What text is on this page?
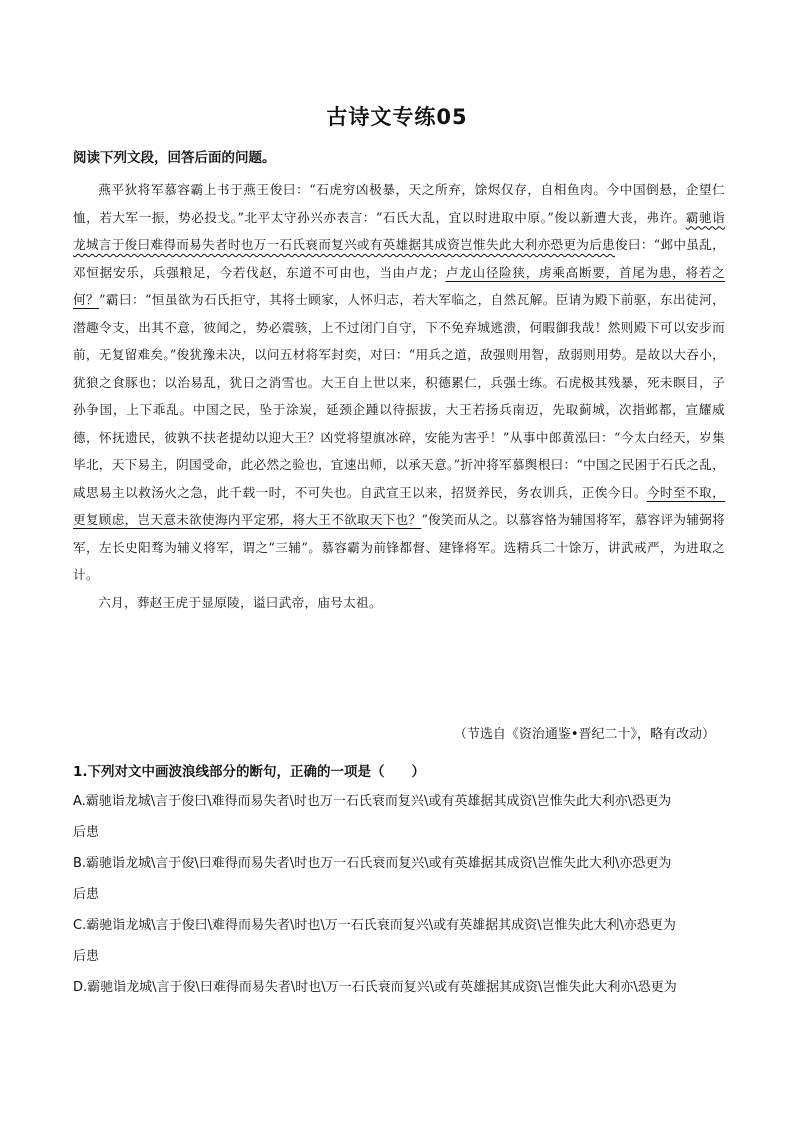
古诗文专练05
阅读下列文段，回答后面的问题。

燕平狄将军慕容霸上书于燕王俊曰：“石虎穷凶极暴，天之所弃，馀烬仅存，自相鱼肉。今中国倒悬，企望仁恤，若大军一振，势必投戈。”北平太守孙兴亦表言：“石氏大乱，宜以时进取中原。”俊以新遭大丧，弗许。霸驰诣龙城言于俊曰难得而易失者时也万一石氏衰而复兴或有英雄据其成资岂惟失此大利亦恐更为后患俊曰：“邺中虽乱，邓恒据安乐，兵强粮足，今若伐赵，东道不可由也，当由卢龙；卢龙山径险狭，虏乘高断要，首尾为患，将若之何？”霸曰：“恒虽欲为石氏拒守，其将士顾家，人怀归志，若大军临之，自然瓦解。臣请为殿下前驱，东出徒河，潜趣令支，出其不意，彼闻之，势必震骇，上不过闭门自守，下不免弃城逃溃，何暇御我哉！然则殿下可以安步而前，无复留难矣。”俊犹豫未决，以问五材将军封奕，对曰：“用兵之道，敌强则用智，敌弱则用势。是故以大吞小，犹狼之食豚也；以治易乱，犹日之消雪也。大王自上世以来，积德累仁，兵强士练。石虎极其残暴，死未瞑目，子孙争国，上下乖乱。中国之民，坠于涂炭，延颈企踵以待振拔，大王若扬兵南迈，先取蓟城，次指邺都，宣耀威德，怀抚遗民，彼孰不扶老提幼以迎大王？凶党将望旗冰碎，安能为害乎！”从事中郎黄泓曰：“今太白经天，岁集毕北，天下易主，阴国受命，此必然之验也，宜速出师，以承天意。”折冲将军慕舆根曰：“中国之民困于石氏之乱，咸思易主以救汤火之急，此千载一时，不可失也。自武宣王以来，招贤养民，务农训兵，正俟今日。今时至不取，更复顾虑，岂天意未欲使海内平定邪，将大王不欲取天下也？”俊笑而从之。以慕容恪为辅国将军，慕容评为辅弼将军，左长史阳骛为辅义将军，谓之“三辅”。慕容霸为前锋都督、建锋将军。选精兵二十馀万，讲武戒严，为进取之计。

六月，葬赵王虎于显原陵，谥曰武帝，庙号太祖。

（节选自《资治通鉴•晋纪二十》，略有改动）

1.下列对文中画波浪线部分的断句，正确的一项是（　　）

A.霸驰诣龙城\言于俊曰\难得而易失者\时也万一石氏衰而复兴\或有英雄据其成资\岂惟失此大利亦\恐更为
后患

B.霸驰诣龙城\言于俊\曰难得而易失者\时也万一石氏衰而复兴\或有英雄据其成资\岂惟失此大利\亦恐更为
后患

C.霸驰诣龙城\言于俊曰\难得而易失者\时也\万一石氏衰而复兴\或有英雄据其成资\岂惟失此大利\亦恐更为
后患

D.霸驰诣龙城\言于俊\曰难得而易失者\时也\万一石氏衰而复兴\或有英雄据其成资\岂惟失此大利亦\恐更为
